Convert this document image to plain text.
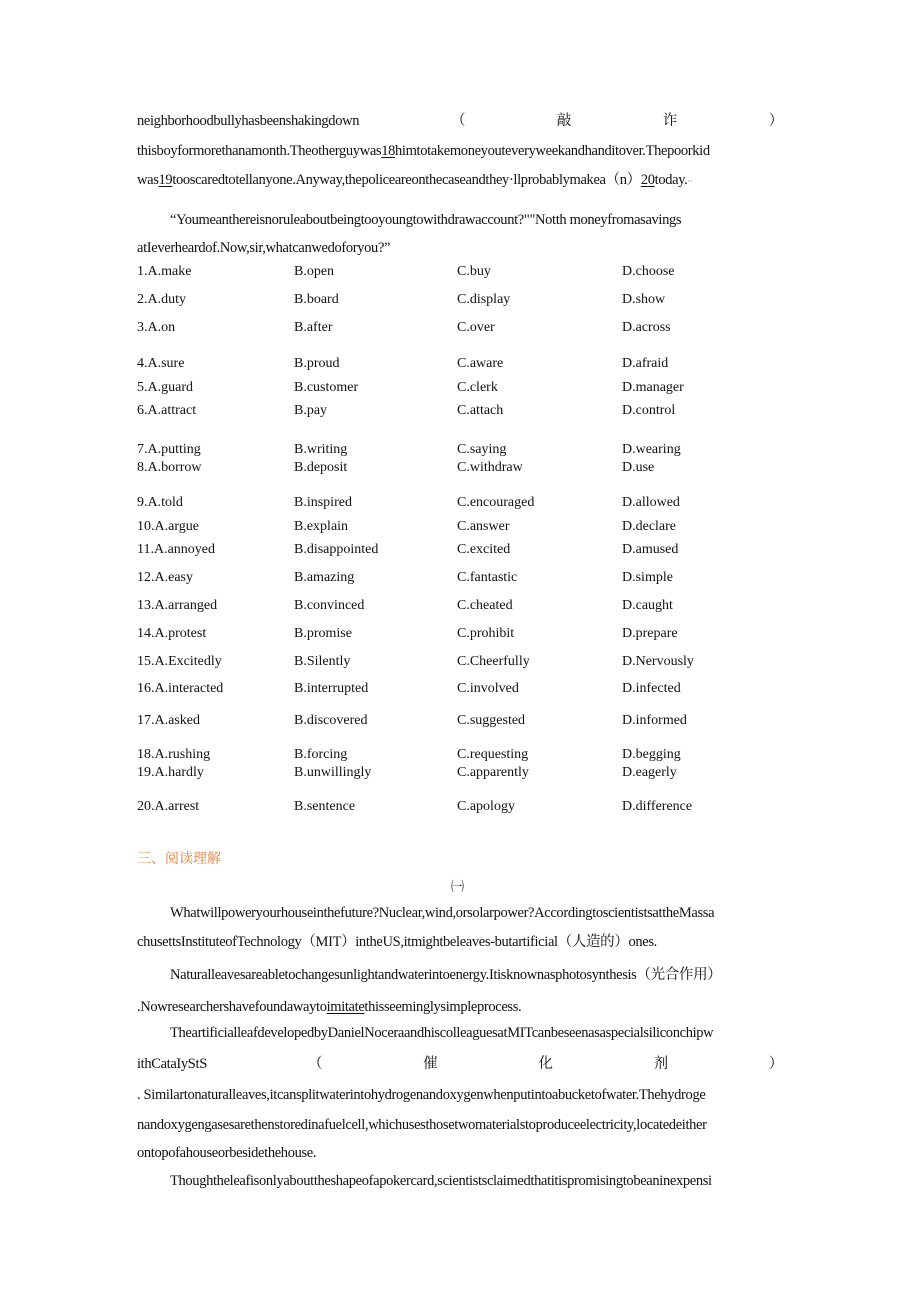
neighborhoodbullyhasbeenshakingdown	（	敲	诈	）
thisboyformorethanamonth.Theotherguywas18himtotakemoneyouteveryweekandhanditover.Thepoorkid
was19tooscaredtotellanyone.Anyway,thepoliceareonthecaseandthey·llprobablymakea（n）20today.··
“Youmeanthereisnoruleaboutbeingtooyoungtowithdrawaccount?""Notth moneyfromasavings
atIeverheardof.Now,sir,whatcanwedoforyou?”
1.A.make	B.open	C.buy	D.choose
2.A.duty	B.board	C.display	D.show
3.A.on	B.after	C.over	D.across
4.A.sure	B.proud	C.aware	D.afraid
5.A.guard	B.customer	C.clerk	D.manager
6.A.attract	B.pay	C.attach	D.control
7.A.putting	B.writing	C.saying	D.wearing
8.A.borrow	B.deposit	C.withdraw	D.use
9.A.told	B.inspired	C.encouraged	D.allowed
10.A.argue	B.explain	C.answer	D.declare
11.A.annoyed	B.disappointed	C.excited	D.amused
12.A.easy	B.amazing	C.fantastic	D.simple
13.A.arranged	B.convinced	C.cheated	D.caught
14.A.protest	B.promise	C.prohibit	D.prepare
15.A.Excitedly	B.Silently	C.Cheerfully	D.Nervously
16.A.interacted	B.interrupted	C.involved	D.infected
17.A.asked	B.discovered	C.suggested	D.informed
18.A.rushing	B.forcing	C.requesting	D.begging
19.A.hardly	B.unwillingly	C.apparently	D.eagerly
20.A.arrest	B.sentence	C.apology	D.difference
三、阅读理解
㈠
Whatwillpoweryourhouseinthefuture?Nuclear,wind,orsolarpower?AccordingtoscientistsattheMassa
chusettsInstituteofTechnology（MIT）intheUS,itmightbeleaves-butartificial（人造的）ones.
Naturalleavesareabletochangesunlightandwaterintoenergy.Itisknownasphotosynthesis（光合作用）
.Nowresearchershavefoundawaytoimitatethisseeminglysimpleprocess.
TheartificialleafdevelopedbyDanielNoceraandhiscolleaguesatMITcanbeseenasaspecialsiliconchipw
ithCataIyStS	（	催	化	剂	）
. Similartonaturalleaves,itcansplitwaterintohydrogenandoxygenwhenputintoabucketofwater.Thehydroge
nandoxygengasesarethenstoredinafuelcell,whichusesthosetwomaterialstoproduceelectricity,locatedeither
ontopofahouseorbesidethehouse.
Thoughtheleafisonlyabouttheshapeofapokercard,scientistsclaimedthatitispromisingtobeaninexpensi
